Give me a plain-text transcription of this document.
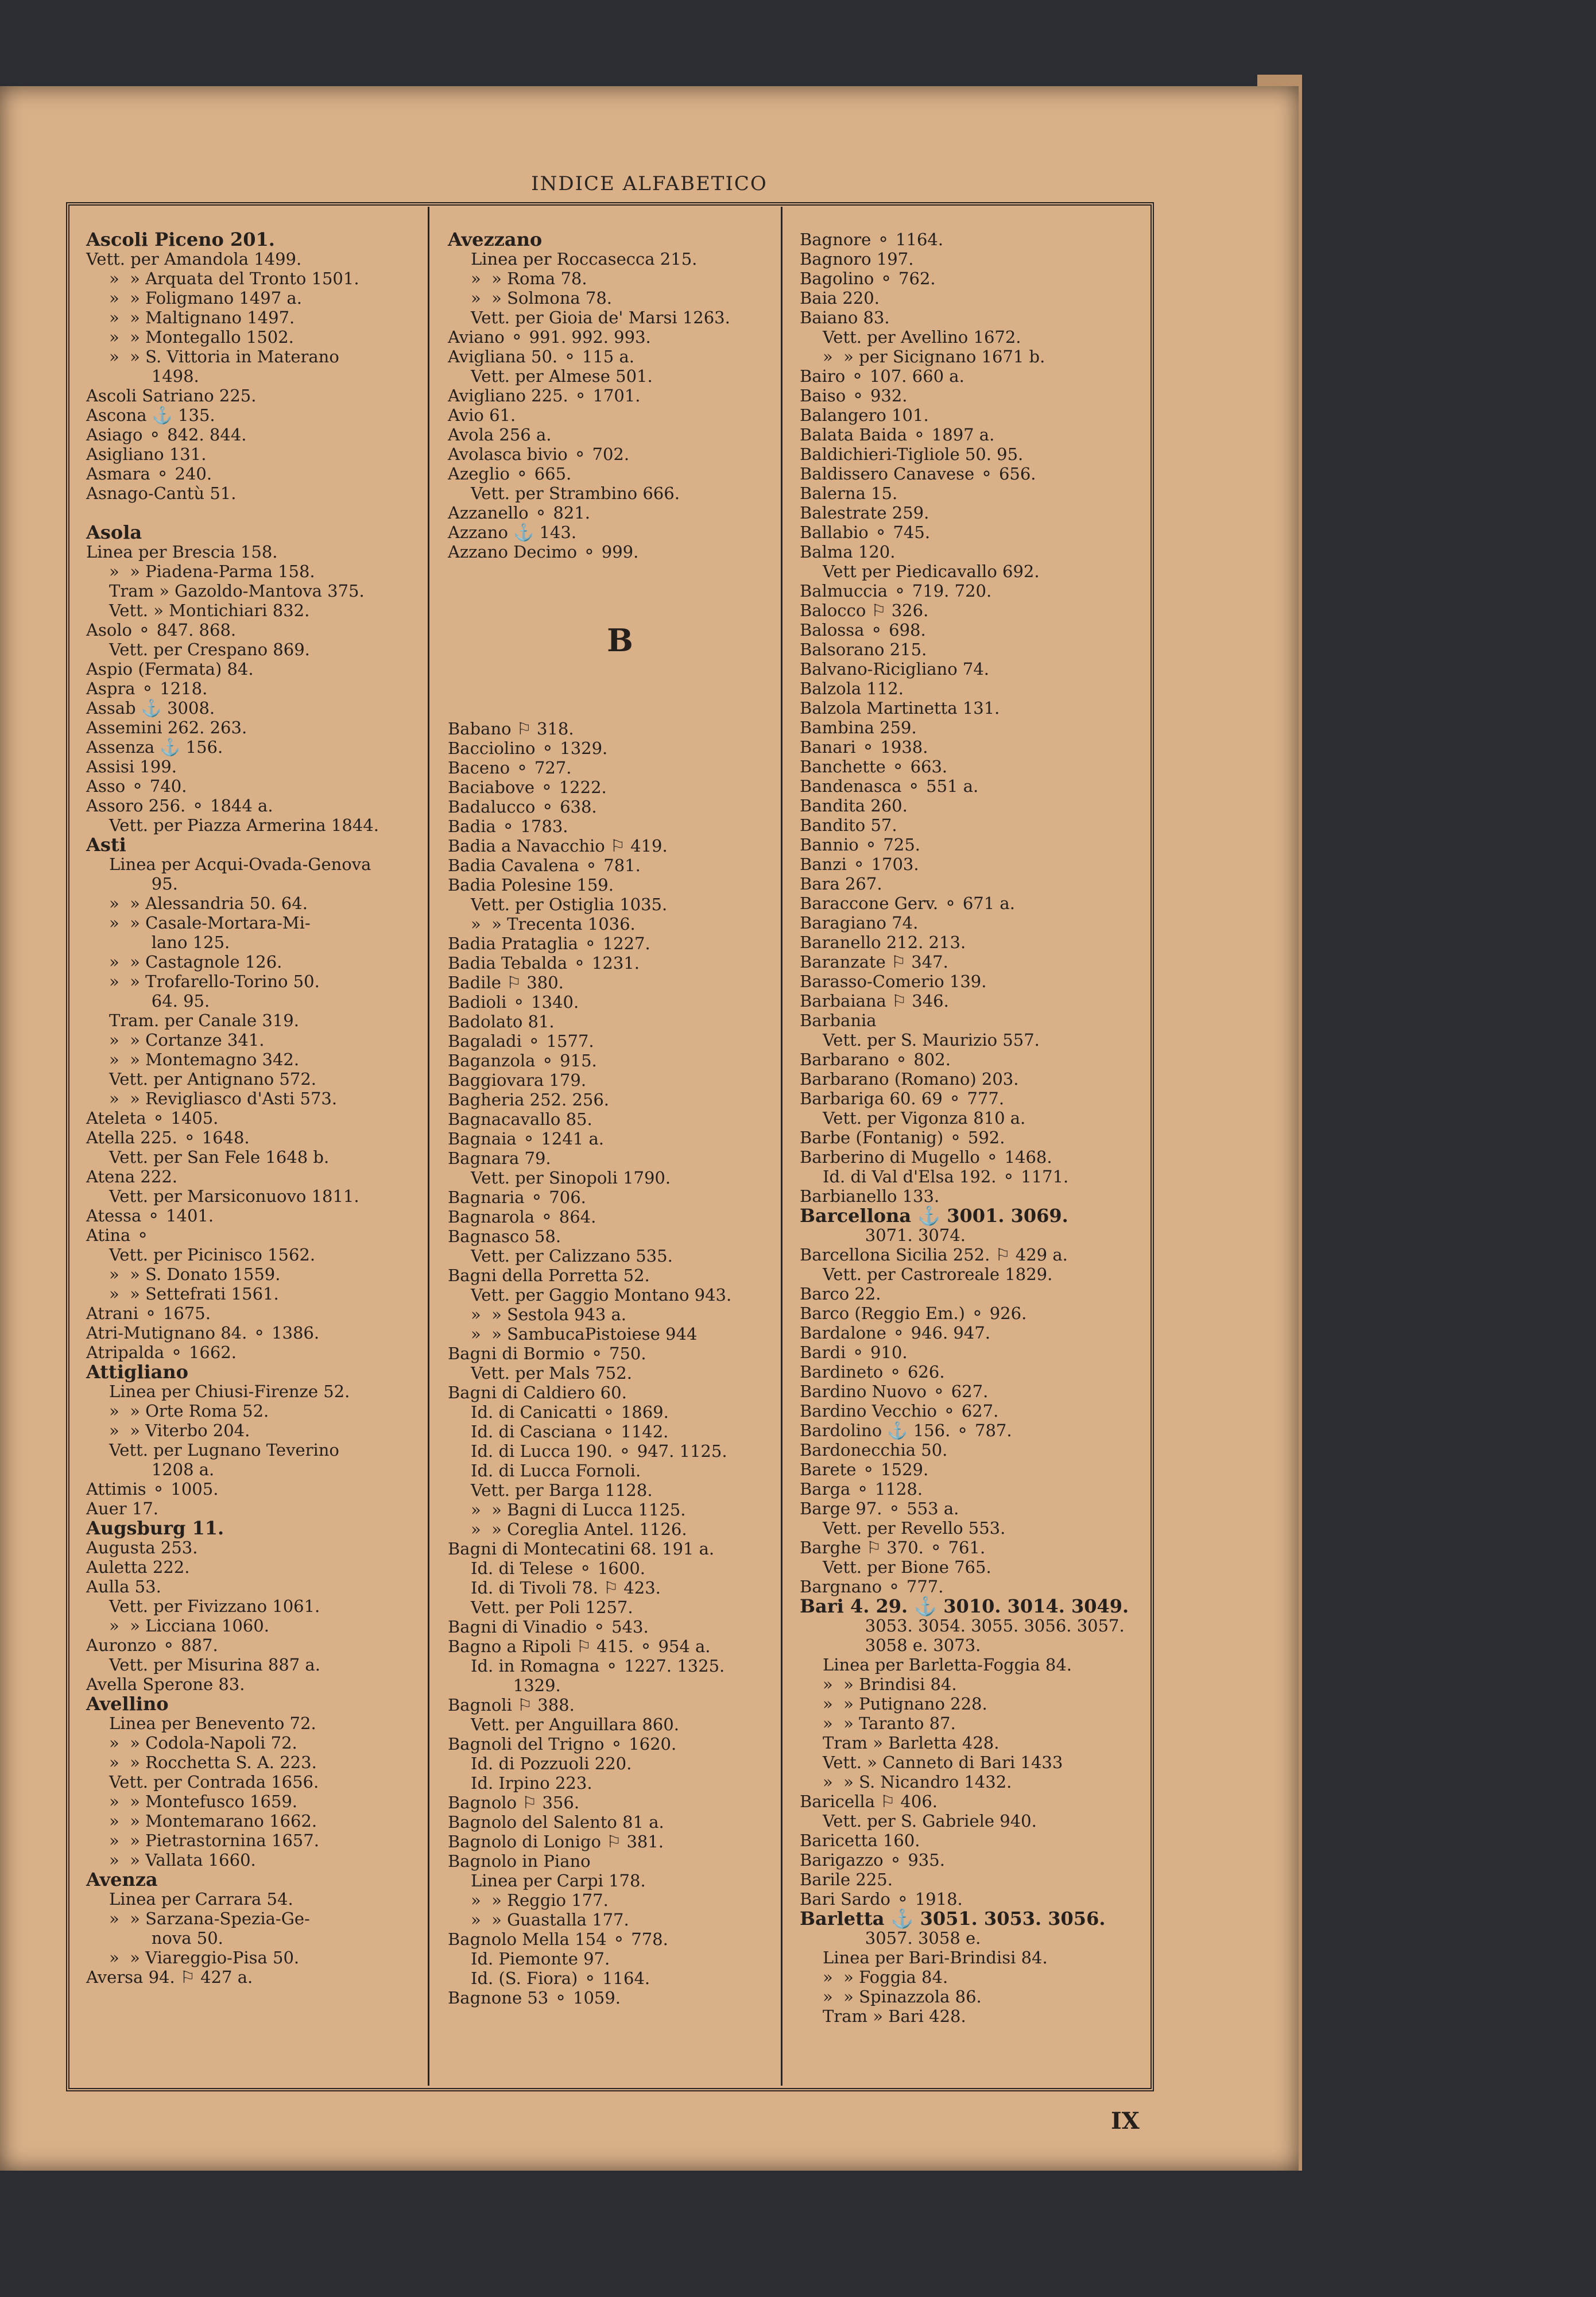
INDICE ALFABETICO
Ascoli Piceno 201.
Vett. per Amandola 1499.
»  » Arquata del Tronto 1501.
»  » Foligmano 1497 a.
»  » Maltignano 1497.
»  » Montegallo 1502.
»  » S. Vittoria in Materano
1498.
Ascoli Satriano 225.
Ascona ⚓ 135.
Asiago ⚬ 842. 844.
Asigliano 131.
Asmara ⚬ 240.
Asnago-Cantù 51.

Asola
Linea per Brescia 158.
»  » Piadena-Parma 158.
Tram » Gazoldo-Mantova 375.
Vett. » Montichiari 832.
Asolo ⚬ 847. 868.
Vett. per Crespano 869.
Aspio (Fermata) 84.
Aspra ⚬ 1218.
Assab ⚓ 3008.
Assemini 262. 263.
Assenza ⚓ 156.
Assisi 199.
Asso ⚬ 740.
Assoro 256. ⚬ 1844 a.
Vett. per Piazza Armerina 1844.
Asti
Linea per Acqui-Ovada-Genova
95.
»  » Alessandria 50. 64.
»  » Casale-Mortara-Mi-
lano 125.
»  » Castagnole 126.
»  » Trofarello-Torino 50.
64. 95.
Tram. per Canale 319.
»  » Cortanze 341.
»  » Montemagno 342.
Vett. per Antignano 572.
»  » Revigliasco d'Asti 573.
Ateleta ⚬ 1405.
Atella 225. ⚬ 1648.
Vett. per San Fele 1648 b.
Atena 222.
Vett. per Marsiconuovo 1811.
Atessa ⚬ 1401.
Atina ⚬
Vett. per Picinisco 1562.
»  » S. Donato 1559.
»  » Settefrati 1561.
Atrani ⚬ 1675.
Atri-Mutignano 84. ⚬ 1386.
Atripalda ⚬ 1662.
Attigliano
Linea per Chiusi-Firenze 52.
»  » Orte Roma 52.
»  » Viterbo 204.
Vett. per Lugnano Teverino
1208 a.
Attimis ⚬ 1005.
Auer 17.
Augsburg 11.
Augusta 253.
Auletta 222.
Aulla 53.
Vett. per Fivizzano 1061.
»  » Licciana 1060.
Auronzo ⚬ 887.
Vett. per Misurina 887 a.
Avella Sperone 83.
Avellino
Linea per Benevento 72.
»  » Codola-Napoli 72.
»  » Rocchetta S. A. 223.
Vett. per Contrada 1656.
»  » Montefusco 1659.
»  » Montemarano 1662.
»  » Pietrastornina 1657.
»  » Vallata 1660.
Avenza
Linea per Carrara 54.
»  » Sarzana-Spezia-Ge-
nova 50.
»  » Viareggio-Pisa 50.
Aversa 94. ⚐ 427 a.
Avezzano
Linea per Roccasecca 215.
»  » Roma 78.
»  » Solmona 78.
Vett. per Gioia de' Marsi 1263.
Aviano ⚬ 991. 992. 993.
Avigliana 50. ⚬ 115 a.
Vett. per Almese 501.
Avigliano 225. ⚬ 1701.
Avio 61.
Avola 256 a.
Avolasca bivio ⚬ 702.
Azeglio ⚬ 665.
Vett. per Strambino 666.
Azzanello ⚬ 821.
Azzano ⚓ 143.
Azzano Decimo ⚬ 999.
B
Babano ⚐ 318.
Bacciolino ⚬ 1329.
Baceno ⚬ 727.
Baciabove ⚬ 1222.
Badalucco ⚬ 638.
Badia ⚬ 1783.
Badia a Navacchio ⚐ 419.
Badia Cavalena ⚬ 781.
Badia Polesine 159.
Vett. per Ostiglia 1035.
»  » Trecenta 1036.
Badia Prataglia ⚬ 1227.
Badia Tebalda ⚬ 1231.
Badile ⚐ 380.
Badioli ⚬ 1340.
Badolato 81.
Bagaladi ⚬ 1577.
Baganzola ⚬ 915.
Baggiovara 179.
Bagheria 252. 256.
Bagnacavallo 85.
Bagnaia ⚬ 1241 a.
Bagnara 79.
Vett. per Sinopoli 1790.
Bagnaria ⚬ 706.
Bagnarola ⚬ 864.
Bagnasco 58.
Vett. per Calizzano 535.
Bagni della Porretta 52.
Vett. per Gaggio Montano 943.
»  » Sestola 943 a.
»  » SambucaPistoiese 944
Bagni di Bormio ⚬ 750.
Vett. per Mals 752.
Bagni di Caldiero 60.
Id. di Canicatti ⚬ 1869.
Id. di Casciana ⚬ 1142.
Id. di Lucca 190. ⚬ 947. 1125.
Id. di Lucca Fornoli.
Vett. per Barga 1128.
»  » Bagni di Lucca 1125.
»  » Coreglia Antel. 1126.
Bagni di Montecatini 68. 191 a.
Id. di Telese ⚬ 1600.
Id. di Tivoli 78. ⚐ 423.
Vett. per Poli 1257.
Bagni di Vinadio ⚬ 543.
Bagno a Ripoli ⚐ 415. ⚬ 954 a.
Id. in Romagna ⚬ 1227. 1325.
1329.
Bagnoli ⚐ 388.
Vett. per Anguillara 860.
Bagnoli del Trigno ⚬ 1620.
Id. di Pozzuoli 220.
Id. Irpino 223.
Bagnolo ⚐ 356.
Bagnolo del Salento 81 a.
Bagnolo di Lonigo ⚐ 381.
Bagnolo in Piano
Linea per Carpi 178.
»  » Reggio 177.
»  » Guastalla 177.
Bagnolo Mella 154 ⚬ 778.
Id. Piemonte 97.
Id. (S. Fiora) ⚬ 1164.
Bagnone 53 ⚬ 1059.
Bagnore ⚬ 1164.
Bagnoro 197.
Bagolino ⚬ 762.
Baia 220.
Baiano 83.
Vett. per Avellino 1672.
»  » per Sicignano 1671 b.
Bairo ⚬ 107. 660 a.
Baiso ⚬ 932.
Balangero 101.
Balata Baida ⚬ 1897 a.
Baldichieri-Tigliole 50. 95.
Baldissero Canavese ⚬ 656.
Balerna 15.
Balestrate 259.
Ballabio ⚬ 745.
Balma 120.
Vett per Piedicavallo 692.
Balmuccia ⚬ 719. 720.
Balocco ⚐ 326.
Balossa ⚬ 698.
Balsorano 215.
Balvano-Ricigliano 74.
Balzola 112.
Balzola Martinetta 131.
Bambina 259.
Banari ⚬ 1938.
Banchette ⚬ 663.
Bandenasca ⚬ 551 a.
Bandita 260.
Bandito 57.
Bannio ⚬ 725.
Banzi ⚬ 1703.
Bara 267.
Baraccone Gerv. ⚬ 671 a.
Baragiano 74.
Baranello 212. 213.
Baranzate ⚐ 347.
Barasso-Comerio 139.
Barbaiana ⚐ 346.
Barbania
Vett. per S. Maurizio 557.
Barbarano ⚬ 802.
Barbarano (Romano) 203.
Barbariga 60. 69 ⚬ 777.
Vett. per Vigonza 810 a.
Barbe (Fontanig) ⚬ 592.
Barberino di Mugello ⚬ 1468.
Id. di Val d'Elsa 192. ⚬ 1171.
Barbianello 133.
Barcellona ⚓ 3001. 3069.
3071. 3074.
Barcellona Sicilia 252. ⚐ 429 a.
Vett. per Castroreale 1829.
Barco 22.
Barco (Reggio Em.) ⚬ 926.
Bardalone ⚬ 946. 947.
Bardi ⚬ 910.
Bardineto ⚬ 626.
Bardino Nuovo ⚬ 627.
Bardino Vecchio ⚬ 627.
Bardolino ⚓ 156. ⚬ 787.
Bardonecchia 50.
Barete ⚬ 1529.
Barga ⚬ 1128.
Barge 97. ⚬ 553 a.
Vett. per Revello 553.
Barghe ⚐ 370. ⚬ 761.
Vett. per Bione 765.
Bargnano ⚬ 777.
Bari 4. 29. ⚓ 3010. 3014. 3049.
3053. 3054. 3055. 3056. 3057.
3058 e. 3073.
Linea per Barletta-Foggia 84.
»  » Brindisi 84.
»  » Putignano 228.
»  » Taranto 87.
Tram » Barletta 428.
Vett. » Canneto di Bari 1433
»  » S. Nicandro 1432.
Baricella ⚐ 406.
Vett. per S. Gabriele 940.
Baricetta 160.
Barigazzo ⚬ 935.
Barile 225.
Bari Sardo ⚬ 1918.
Barletta ⚓ 3051. 3053. 3056.
3057. 3058 e.
Linea per Bari-Brindisi 84.
»  » Foggia 84.
»  » Spinazzola 86.
Tram » Bari 428.
IX
